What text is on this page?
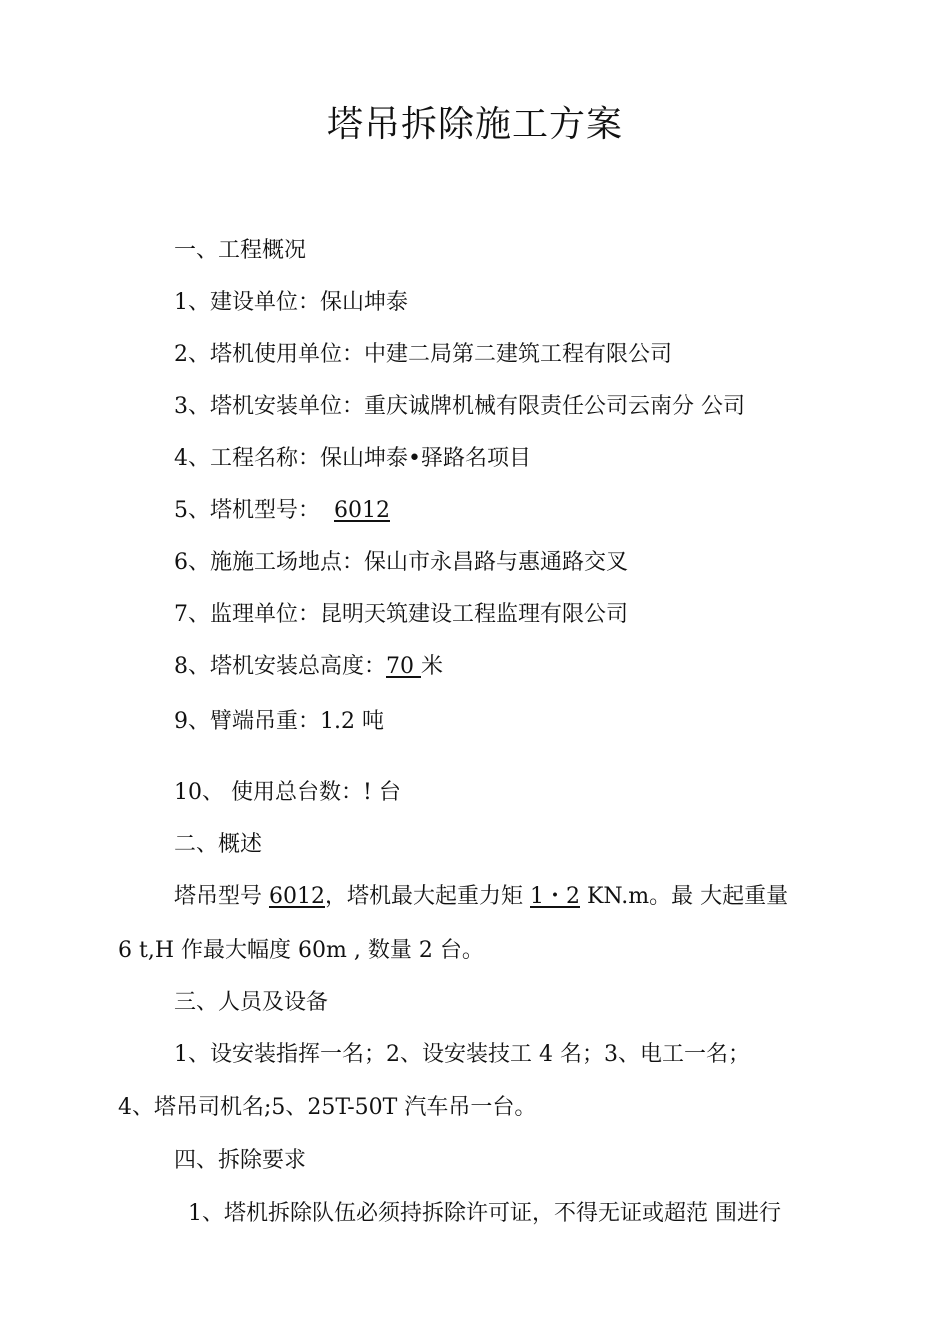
塔吊拆除施工方案

一、工程概况

1、建设单位：保山坤泰

2、塔机使用单位：中建二局第二建筑工程有限公司

3、塔机安装单位：重庆诚牌机械有限责任公司云南分 公司

4、工程名称：保山坤泰•驿路名项目

5、塔机型号： 6012

6、施施工场地点：保山市永昌路与惠通路交叉

7、监理单位：昆明天筑建设工程监理有限公司

8、塔机安装总高度：70 米

9、臂端吊重：1.2 吨

10、 使用总台数：! 台

二、概述

塔吊型号 6012，塔机最大起重力矩 1・2 KN.m。最 大起重量

6 t,H 作最大幅度 60m , 数量 2 台。

三、人员及设备

1、设安装指挥一名；2、设安装技工 4 名；3、电工一名；

4、塔吊司机名;5、25T-50T 汽车吊一台。

四、拆除要求

1、塔机拆除队伍必须持拆除许可证，不得无证或超范 围进行
